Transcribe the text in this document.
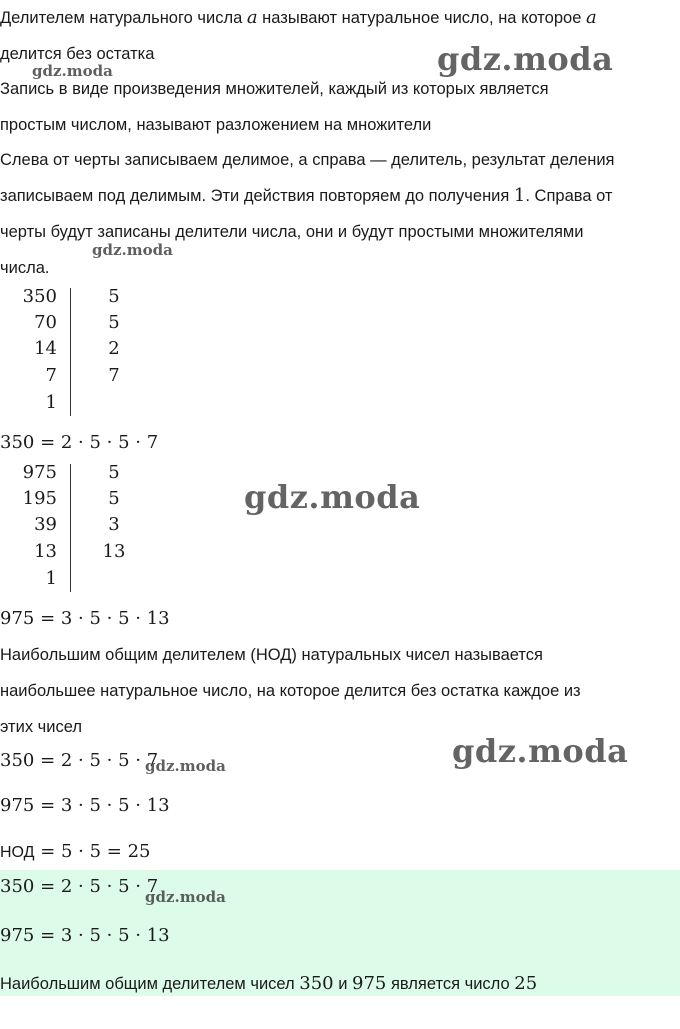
Делителем натурального числа a называют натуральное число, на которое a
делится без остатка
Запись в виде произведения множителей, каждый из которых является
простым числом, называют разложением на множители
Слева от черты записываем делимое, а справа — делитель, результат деления
записываем под делимым. Эти действия повторяем до получения 1. Справа от
черты будут записаны делители числа, они и будут простыми множителями
числа.
350
70
14
7
1
5
5
2
7
350 = 2 · 5 · 5 · 7
975
195
39
13
1
5
5
3
13
975 = 3 · 5 · 5 · 13
Наибольшим общим делителем (НОД) натуральных чисел называется
наибольшее натуральное число, на которое делится без остатка каждое из
этих чисел
350 = 2 · 5 · 5 · 7
975 = 3 · 5 · 5 · 13
НОД = 5 · 5 = 25
350 = 2 · 5 · 5 · 7
975 = 3 · 5 · 5 · 13
Наибольшим общим делителем чисел 350 и 975 является число 25
gdz.moda
gdz.moda
gdz.moda
gdz.moda
gdz.moda
gdz.moda
gdz.moda
